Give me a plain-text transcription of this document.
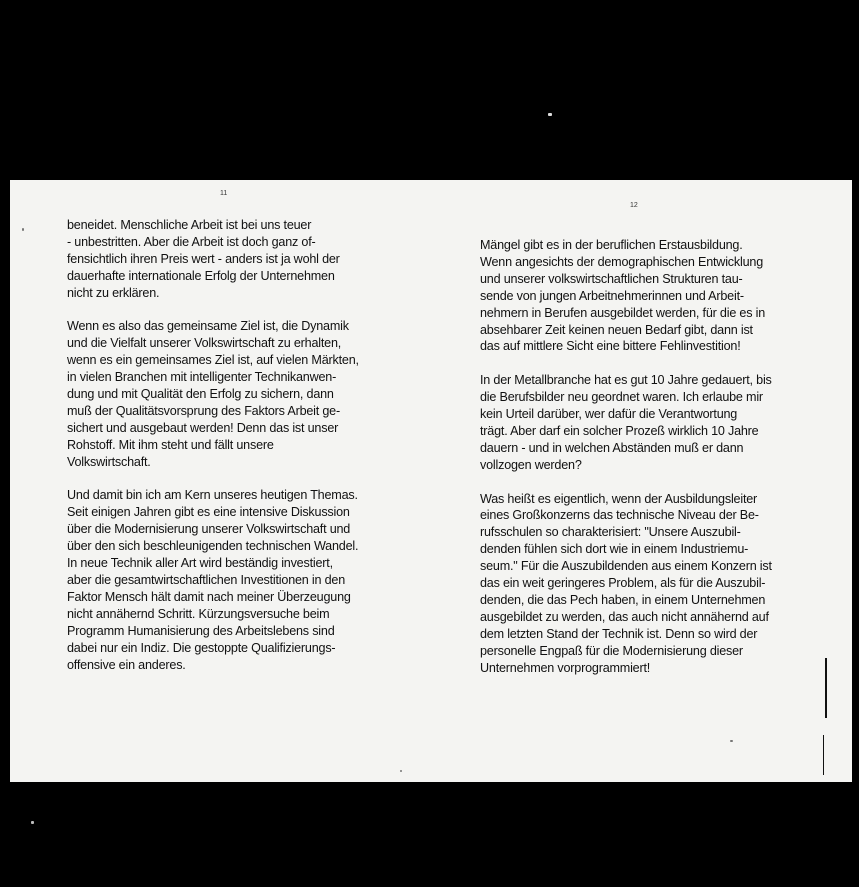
11
12

beneidet. Menschliche Arbeit ist bei uns teuer
- unbestritten. Aber die Arbeit ist doch ganz of-
fensichtlich ihren Preis wert - anders ist ja wohl der
dauerhafte internationale Erfolg der Unternehmen
nicht zu erklären.

Wenn es also das gemeinsame Ziel ist, die Dynamik
und die Vielfalt unserer Volkswirtschaft zu erhalten,
wenn es ein gemeinsames Ziel ist, auf vielen Märkten,
in vielen Branchen mit intelligenter Technikanwen-
dung und mit Qualität den Erfolg zu sichern, dann
muß der Qualitätsvorsprung des Faktors Arbeit ge-
sichert und ausgebaut werden! Denn das ist unser
Rohstoff. Mit ihm steht und fällt unsere
Volkswirtschaft.

Und damit bin ich am Kern unseres heutigen Themas.
Seit einigen Jahren gibt es eine intensive Diskussion
über die Modernisierung unserer Volkswirtschaft und
über den sich beschleunigenden technischen Wandel.
In neue Technik aller Art wird beständig investiert,
aber die gesamtwirtschaftlichen Investitionen in den
Faktor Mensch hält damit nach meiner Überzeugung
nicht annähernd Schritt. Kürzungsversuche beim
Programm Humanisierung des Arbeitslebens sind
dabei nur ein Indiz. Die gestoppte Qualifizierungs-
offensive ein anderes.

Mängel gibt es in der beruflichen Erstausbildung.
Wenn angesichts der demographischen Entwicklung
und unserer volkswirtschaftlichen Strukturen tau-
sende von jungen Arbeitnehmerinnen und Arbeit-
nehmern in Berufen ausgebildet werden, für die es in
absehbarer Zeit keinen neuen Bedarf gibt, dann ist
das auf mittlere Sicht eine bittere Fehlinvestition!

In der Metallbranche hat es gut 10 Jahre gedauert, bis
die Berufsbilder neu geordnet waren. Ich erlaube mir
kein Urteil darüber, wer dafür die Verantwortung
trägt. Aber darf ein solcher Prozeß wirklich 10 Jahre
dauern - und in welchen Abständen muß er dann
vollzogen werden?

Was heißt es eigentlich, wenn der Ausbildungsleiter
eines Großkonzerns das technische Niveau der Be-
rufsschulen so charakterisiert: "Unsere Auszubil-
denden fühlen sich dort wie in einem Industriemu-
seum." Für die Auszubildenden aus einem Konzern ist
das ein weit geringeres Problem, als für die Auszubil-
denden, die das Pech haben, in einem Unternehmen
ausgebildet zu werden, das auch nicht annähernd auf
dem letzten Stand der Technik ist. Denn so wird der
personelle Engpaß für die Modernisierung dieser
Unternehmen vorprogrammiert!
